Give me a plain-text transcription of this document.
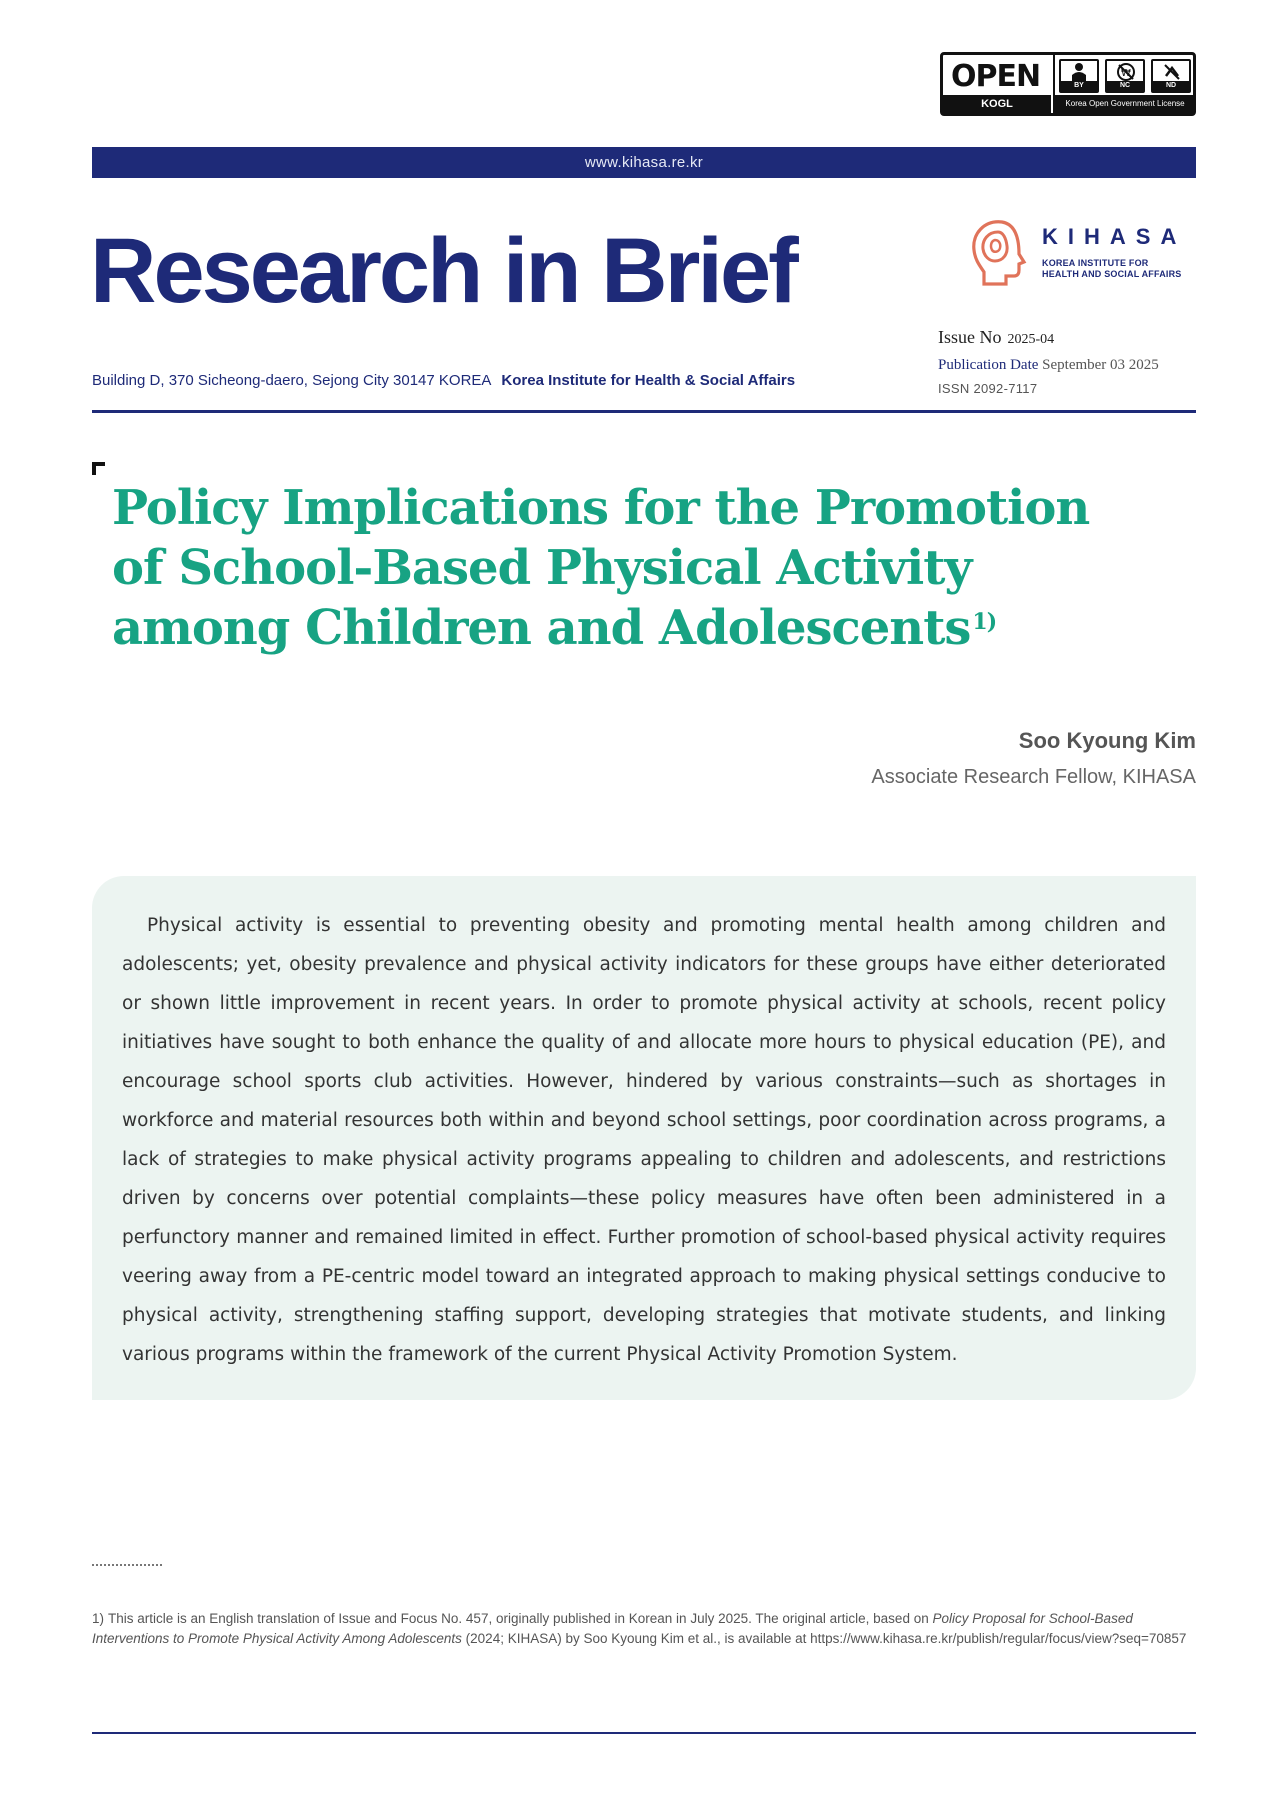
OPEN
KOGL
BY
₩
NC	ND
Korea Open Government License
www.kihasa.re.kr
Research in Brief	KIHASA
KOREA INSTITUTE FOR
HEALTH AND SOCIAL AFFAIRS
Issue No 2025-04
Publication Date September 03 2025
ISSN 2092-7117
Building D, 370 Sicheong-daero, Sejong City 30147 KOREA Korea Institute for Health & Social Affairs
Policy Implications for the Promotion of School-Based Physical Activity among Children and Adolescents$^{1)}$
Soo Kyoung Kim
Associate Research Fellow, KIHASA

Physical activity is essential to preventing obesity and promoting mental health among children and adolescents; yet, obesity prevalence and physical activity indicators for these groups have either deteriorated or shown little improvement in recent years. In order to promote physical activity at schools, recent policy initiatives have sought to both enhance the quality of and allocate more hours to physical education (PE), and encourage school sports club activities. However, hindered by various constraints—such as shortages in workforce and material resources both within and beyond school settings, poor coordination across programs, a lack of strategies to make physical activity programs appealing to children and adolescents, and restrictions driven by concerns over potential complaints—these policy measures have often been administered in a perfunctory manner and remained limited in effect. Further promotion of school-based physical activity requires veering away from a PE-centric model toward an integrated approach to making physical settings conducive to physical activity, strengthening staffing support, developing strategies that motivate students, and linking various programs within the framework of the current Physical Activity Promotion System.

1) This article is an English translation of Issue and Focus No. 457, originally published in Korean in July 2025. The original article, based on Policy Proposal for School-Based Interventions to Promote Physical Activity Among Adolescents (2024; KIHASA) by Soo Kyoung Kim et al., is available at https://www.kihasa.re.kr/publish/regular/focus/view?seq=70857
